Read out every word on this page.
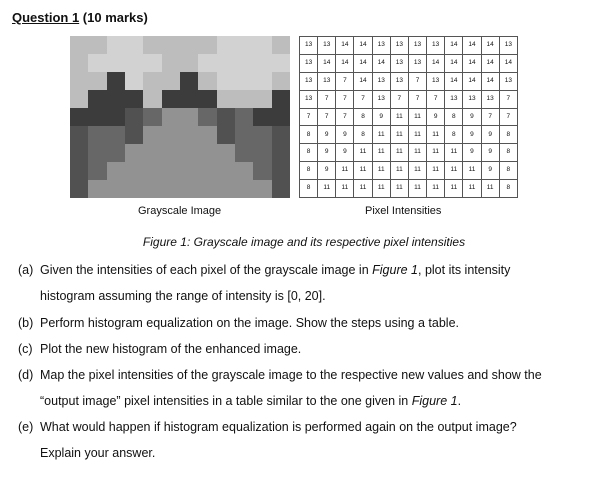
Question 1 (10 marks)
13	13	14	14	13	13	13	13	14	14	14	13
13	14	14	14	14	13	13	14	14	14	14	14
13	13	7	14	13	13	7	13	14	14	14	13
13	7	7	7	13	7	7	7	13	13	13	7
7	7	7	8	9	11	11	9	8	9	7	7
8	9	9	8	11	11	11	11	8	9	9	8
8	9	9	11	11	11	11	11	11	9	9	8
8	9	11	11	11	11	11	11	11	11	9	8
8	11	11	11	11	11	11	11	11	11	11	8
Grayscale Image	Pixel Intensities
Figure 1: Grayscale image and its respective pixel intensities
(a) Given the intensities of each pixel of the grayscale image in Figure 1, plot its intensity
histogram assuming the range of intensity is [0, 20].
(b) Perform histogram equalization on the image. Show the steps using a table.
(c) Plot the new histogram of the enhanced image.
(d) Map the pixel intensities of the grayscale image to the respective new values and show the
“output image” pixel intensities in a table similar to the one given in Figure 1.
(e) What would happen if histogram equalization is performed again on the output image?
Explain your answer.
